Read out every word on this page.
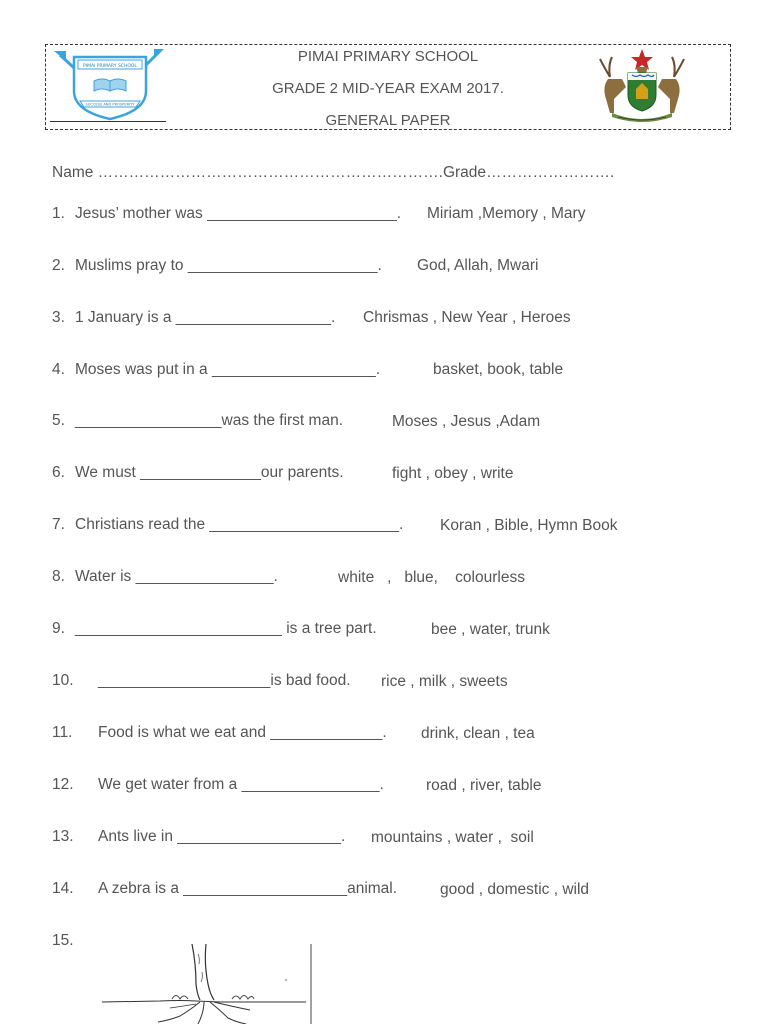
PIMAI PRIMARY SCHOOL
SUCCESS AND PROSPERITY
PIMAI PRIMARY SCHOOL
GRADE 2 MID-YEAR EXAM 2017.
GENERAL PAPER
Name ………………………………………………………….Grade…………………….
1. Jesus’ mother was ______________________. Miriam ,Memory , Mary
2. Muslims pray to ______________________. God, Allah, Mwari
3. 1 January is a __________________. Chrismas , New Year , Heroes
4. Moses was put in a ___________________.	basket, book, table
5. _________________was the first man.	Moses , Jesus ,Adam
6. We must ______________our parents.	fight , obey , write
7. Christians read the ______________________. Koran , Bible, Hymn Book
8. Water is ________________.	white   ,   blue,    colourless
9. ________________________ is a tree part.	bee , water, trunk
10. ____________________is bad food. rice , milk , sweets
11. Food is what we eat and _____________. drink, clean , tea
12. We get water from a ________________.	road , river, table
13. Ants live in ___________________. mountains , water ,  soil
14. A zebra is a ___________________animal.	good , domestic , wild
15.
